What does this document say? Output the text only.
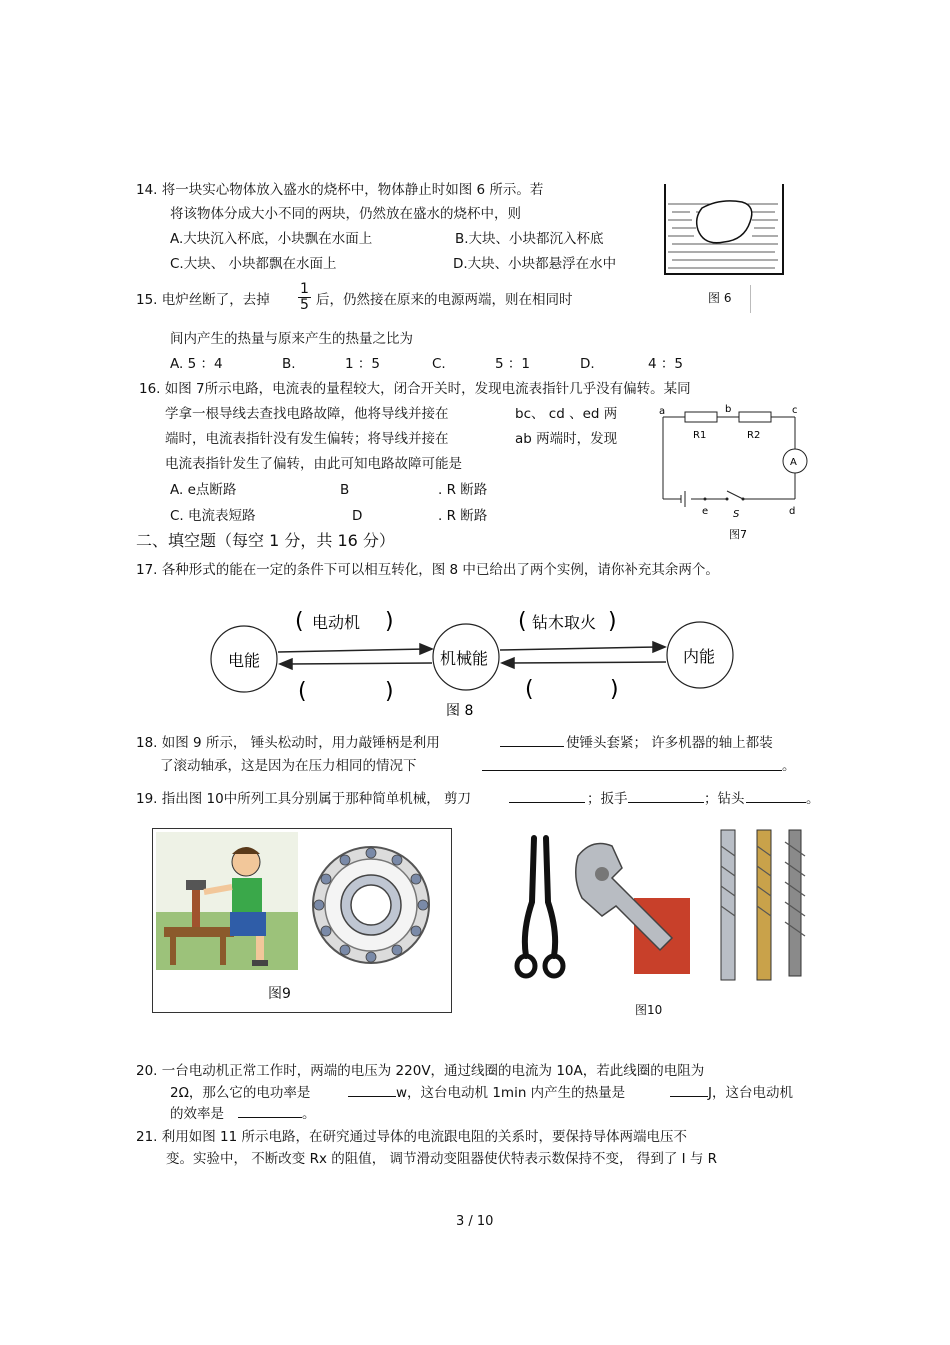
14. 将一块实心物体放入盛水的烧杯中，物体静止时如图 6 所示。若
将该物体分成大小不同的两块，仍然放在盛水的烧杯中，则
A.大块沉入杯底，小块飘在水面上	B.大块、小块都沉入杯底
C.大块、 小块都飘在水面上	D.大块、小块都悬浮在水中
图 6
15. 电炉丝断了，去掉 $\frac{1}{5}$ 后，仍然接在原来的电源两端，则在相同时
间内产生的热量与原来产生的热量之比为
A. 5 ：4	B.	1 ：5	C.	5 ：1	D.	4 ：5
16. 如图 7所示电路，电流表的量程较大，闭合开关时，发现电流表指针几乎没有偏转。某同
学拿一根导线去查找电路故障，他将导线并接在	bc、 cd 、ed 两
端时，电流表指针没有发生偏转；将导线并接在	ab 两端时，发现
电流表指针发生了偏转，由此可知电路故障可能是
A. e点断路	B	. R 断路
C. 电流表短路	D	. R 断路
a	b	c
d
e S
R1	R2
A
图7
二、填空题（每空 1 分，共 16 分）
17. 各种形式的能在一定的条件下可以相互转化，图 8 中已给出了两个实例，请你补充其余两个。
电能	机械能	内能
( 电动机 )	( 钻木取火 )
(	)	(	)
图 8
18. 如图 9 所示， 锤头松动时，用力敲锤柄是利用	使锤头套紧； 许多机器的轴上都装
了滚动轴承，这是因为在压力相同的情况下	。
19. 指出图 10中所列工具分别属于那种简单机械， 剪刀	；扳手	；钻头	。
图9
图10
20. 一台电动机正常工作时，两端的电压为 220V，通过线圈的电流为 10A，若此线圈的电阻为
2Ω，那么它的电功率是	w，这台电动机 1min 内产生的热量是	J，这台电动机
的效率是	。
21. 利用如图 11 所示电路，在研究通过导体的电流跟电阻的关系时，要保持导体两端电压不
变。实验中， 不断改变 Rx 的阻值， 调节滑动变阻器使伏特表示数保持不变， 得到了 I 与 R
3 / 10
